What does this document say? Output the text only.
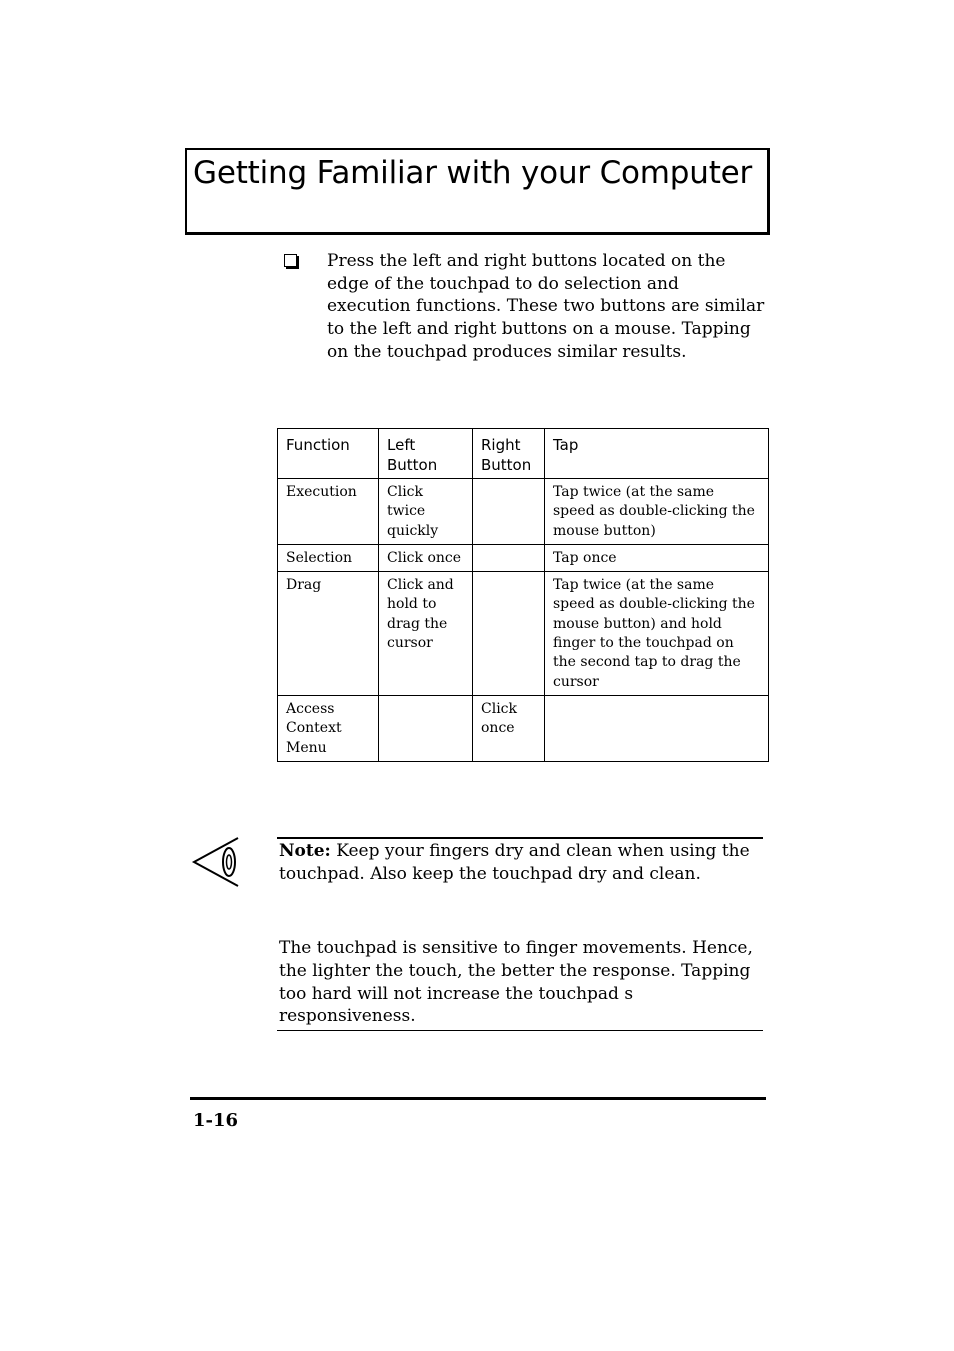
Getting Familiar with your Computer

Press the left and right buttons located on the edge of the touchpad to do selection and execution functions. These two buttons are similar to the left and right buttons on a mouse. Tapping on the touchpad produces similar results.

Function	Left Button	Right Button	Tap
Execution	Click twice quickly		Tap twice (at the same speed as double-clicking the mouse button)
Selection	Click once		Tap once
Drag	Click and hold to drag the cursor		Tap twice (at the same speed as double-clicking the mouse button) and hold finger to the touchpad on the second tap to drag the cursor
Access Context Menu		Click once	

Note: Keep your fingers dry and clean when using the touchpad. Also keep the touchpad dry and clean.

The touchpad is sensitive to finger movements. Hence, the lighter the touch, the better the response. Tapping too hard will not increase the touchpad s responsiveness.

1-16
